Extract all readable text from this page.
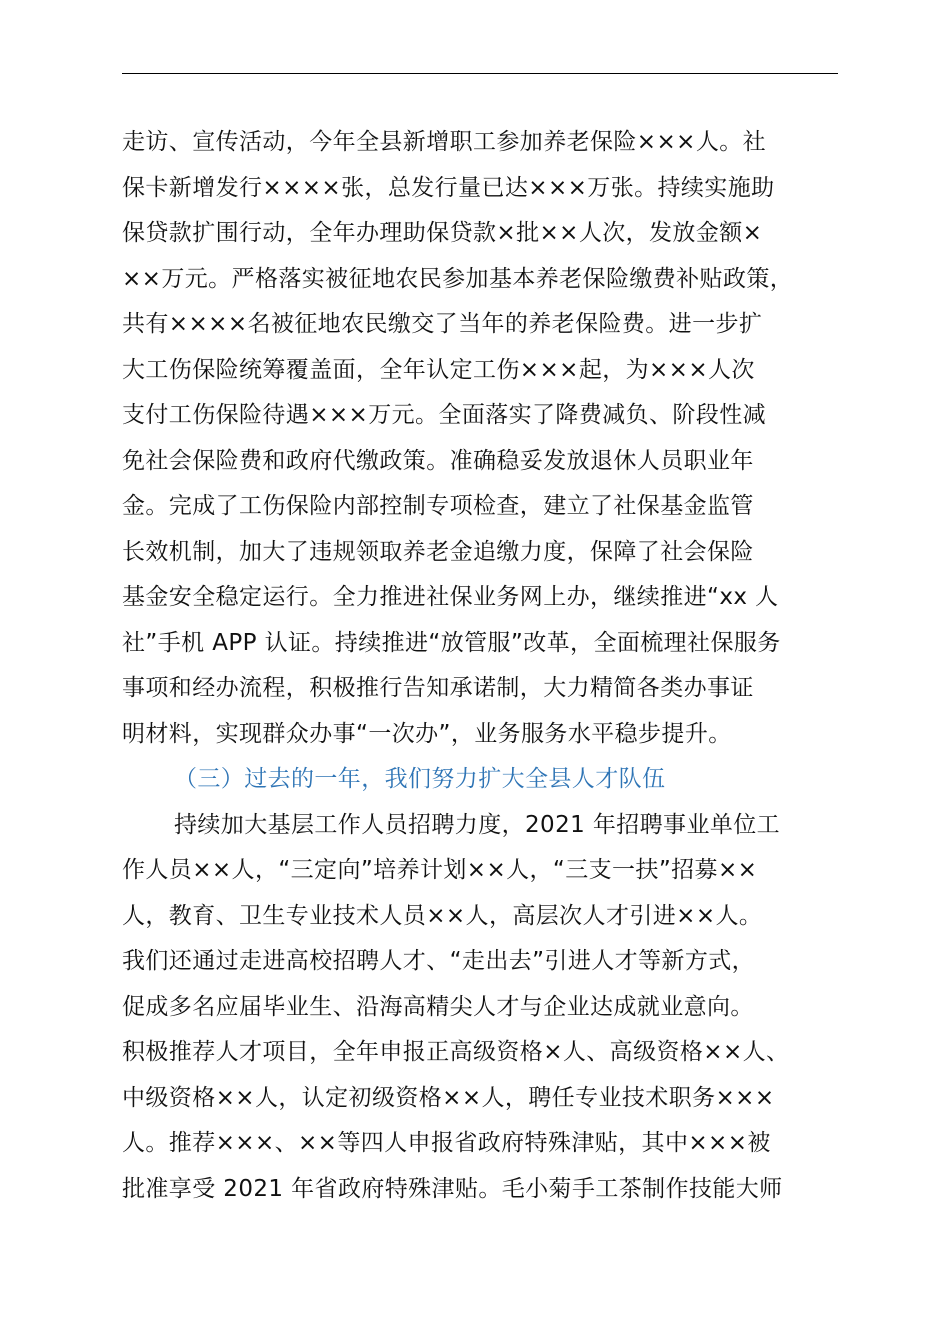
走访、宣传活动，今年全县新增职工参加养老保险×××人。社
保卡新增发行××××张，总发行量已达×××万张。持续实施助
保贷款扩围行动，全年办理助保贷款×批××人次，发放金额×
××万元。严格落实被征地农民参加基本养老保险缴费补贴政策，
共有××××名被征地农民缴交了当年的养老保险费。进一步扩
大工伤保险统筹覆盖面，全年认定工伤×××起，为×××人次
支付工伤保险待遇×××万元。全面落实了降费减负、阶段性减
免社会保险费和政府代缴政策。准确稳妥发放退休人员职业年
金。完成了工伤保险内部控制专项检查，建立了社保基金监管
长效机制，加大了违规领取养老金追缴力度，保障了社会保险
基金安全稳定运行。全力推进社保业务网上办，继续推进“xx 人
社”手机 APP 认证。持续推进“放管服”改革，全面梳理社保服务
事项和经办流程，积极推行告知承诺制，大力精简各类办事证
明材料，实现群众办事“一次办”，业务服务水平稳步提升。
（三）过去的一年，我们努力扩大全县人才队伍
持续加大基层工作人员招聘力度，2021 年招聘事业单位工
作人员××人，“三定向”培养计划××人，“三支一扶”招募××
人，教育、卫生专业技术人员××人，高层次人才引进××人。
我们还通过走进高校招聘人才、“走出去”引进人才等新方式，
促成多名应届毕业生、沿海高精尖人才与企业达成就业意向。
积极推荐人才项目，全年申报正高级资格×人、高级资格××人、
中级资格××人，认定初级资格××人，聘任专业技术职务×××
人。推荐×××、××等四人申报省政府特殊津贴，其中×××被
批准享受 2021 年省政府特殊津贴。毛小菊手工茶制作技能大师
